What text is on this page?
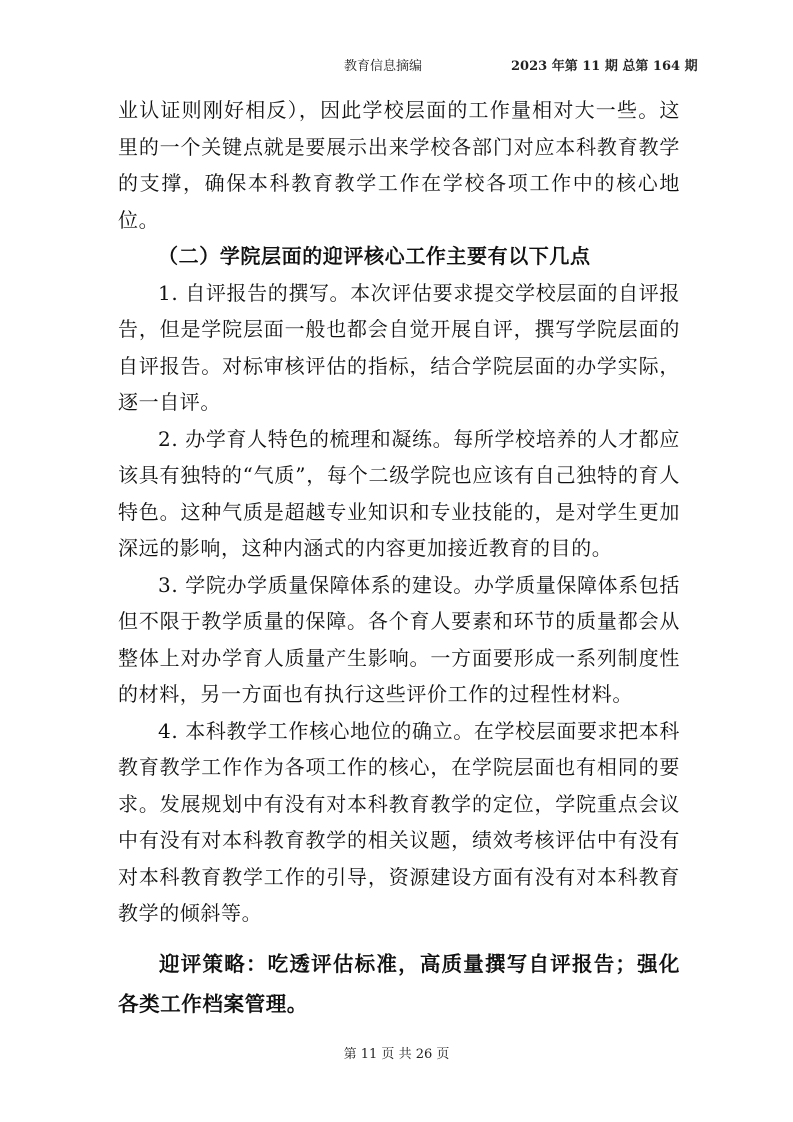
教育信息摘编	2023 年第 11 期 总第 164 期

业认证则刚好相反），因此学校层面的工作量相对大一些。这里的一个关键点就是要展示出来学校各部门对应本科教育教学的支撑，确保本科教育教学工作在学校各项工作中的核心地位。

（二）学院层面的迎评核心工作主要有以下几点

1. 自评报告的撰写。本次评估要求提交学校层面的自评报告，但是学院层面一般也都会自觉开展自评，撰写学院层面的自评报告。对标审核评估的指标，结合学院层面的办学实际，逐一自评。

2. 办学育人特色的梳理和凝练。每所学校培养的人才都应该具有独特的“气质”，每个二级学院也应该有自己独特的育人特色。这种气质是超越专业知识和专业技能的，是对学生更加深远的影响，这种内涵式的内容更加接近教育的目的。

3. 学院办学质量保障体系的建设。办学质量保障体系包括但不限于教学质量的保障。各个育人要素和环节的质量都会从整体上对办学育人质量产生影响。一方面要形成一系列制度性的材料，另一方面也有执行这些评价工作的过程性材料。

4. 本科教学工作核心地位的确立。在学校层面要求把本科教育教学工作作为各项工作的核心，在学院层面也有相同的要求。发展规划中有没有对本科教育教学的定位，学院重点会议中有没有对本科教育教学的相关议题，绩效考核评估中有没有对本科教育教学工作的引导，资源建设方面有没有对本科教育教学的倾斜等。

迎评策略：吃透评估标准，高质量撰写自评报告；强化各类工作档案管理。

第 11 页 共 26 页
